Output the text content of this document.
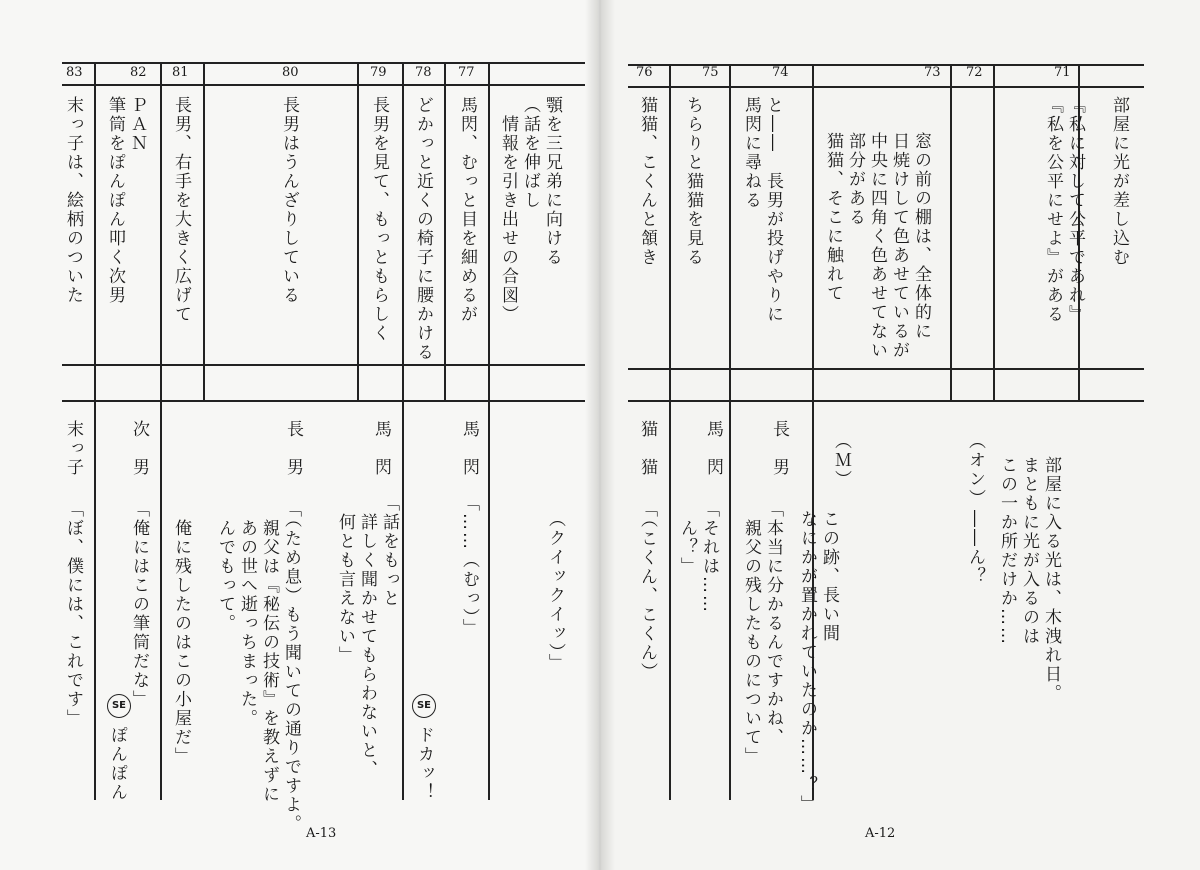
83
末っ子は、絵柄のついた
末っ子
「ぼ、僕には、これです」
82
ＰＡＮ
筆筒をぽんぽん叩く次男
次　男
「俺にはこの筆筒だな」
SE
ぽんぽん
81
長男、右手を大きく広げて
80
長男はうんざりしている
長　男
「（ため息）もう聞いての通りですよ。
　親父は『秘伝の技術』を教えずに
　あの世へ逝っちまった。
　んでもって。

　俺に残したのはこの小屋だ」
79
長男を見て、もっともらしく
馬　閃
「話をもっと
　詳しく聞かせてもらわないと、
　何とも言えない」
78
どかっと近くの椅子に腰かける
SE
ドカッ！
77
馬閃、むっと目を細めるが
馬　閃
「……（むっ）」
顎を三兄弟に向ける
（話を伸ばし
　情報を引き出せの合図）
（クイックイッ）」
A-13
76
猫猫、こくんと頷き
猫　猫
「（こくん、こくん）
75
ちらりと猫猫を見る
馬　閃
「それは……
　ん？」
74
と――　長男が投げやりに
馬閃に尋ねる
長　男
「本当に分かるんですかね、
　親父の残したものについて」
73
窓の前の棚は、全体的に
日焼けして色あせているが
中央に四角く色あせてない
部分がある
猫猫、そこに触れて
（Ｍ）
この跡、長い間
なにかが置かれていたのか……？」
72
（オン）
――ん？
71
部屋に光が差し込む

『私に対して公平であれ』
『私を公平にせよ』がある
部屋に入る光は、木洩れ日。
まともに光が入るのは
この一か所だけか……
A-12
